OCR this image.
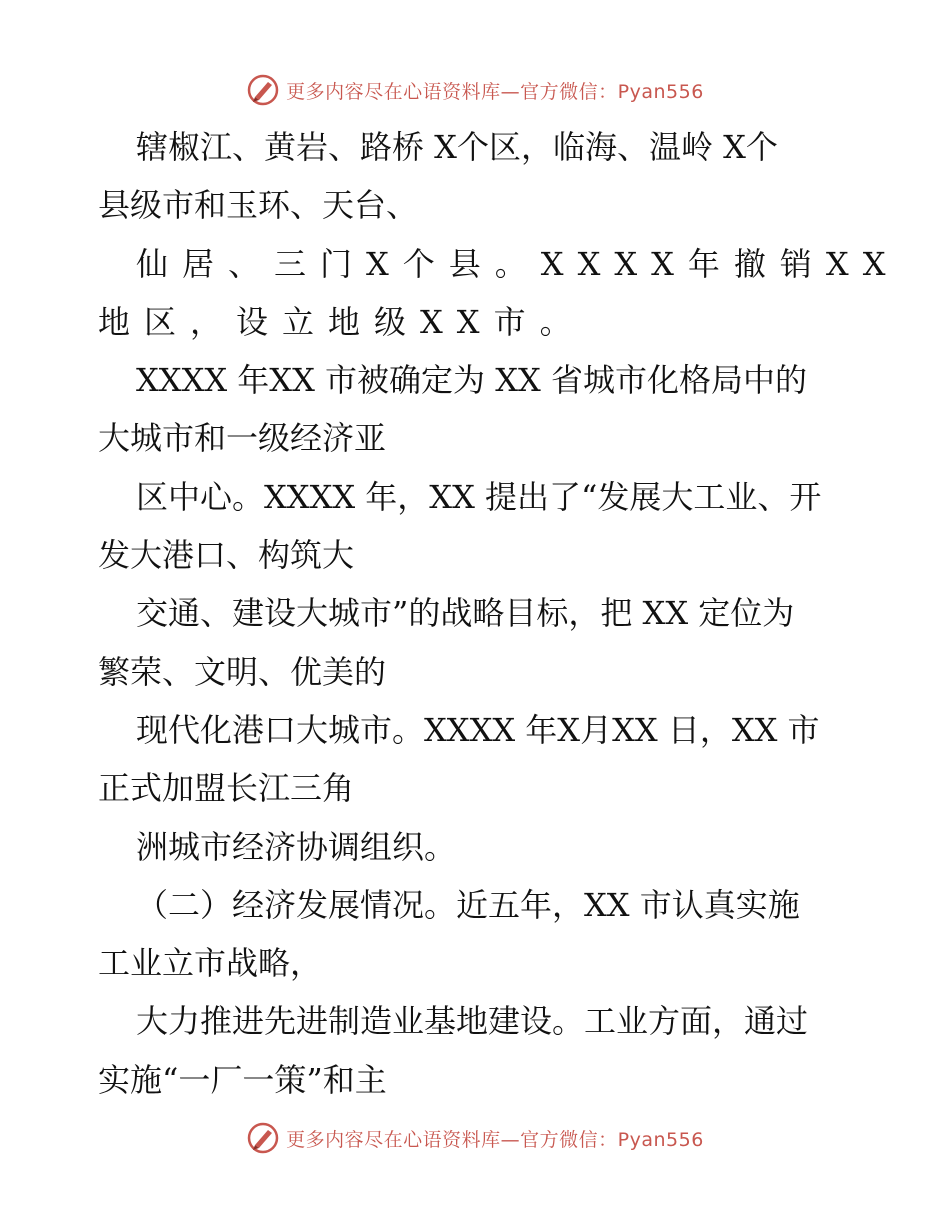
更多内容尽在心语资料库—官方微信：Pyan556
辖椒江、黄岩、路桥 X个区，临海、温岭 X个
县级市和玉环、天台、
仙居、三门X个县。XXXX年撤销XX
地区，设立地级XX市。
XXXX 年XX 市被确定为 XX 省城市化格局中的
大城市和一级经济亚
区中心。XXXX 年，XX 提出了“发展大工业、开
发大港口、构筑大
交通、建设大城市”的战略目标，把 XX 定位为
繁荣、文明、优美的
现代化港口大城市。XXXX 年X月XX 日，XX 市
正式加盟长江三角
洲城市经济协调组织。
（二）经济发展情况。近五年，XX 市认真实施
工业立市战略，
大力推进先进制造业基地建设。工业方面，通过
实施“一厂一策”和主
更多内容尽在心语资料库—官方微信：Pyan556
